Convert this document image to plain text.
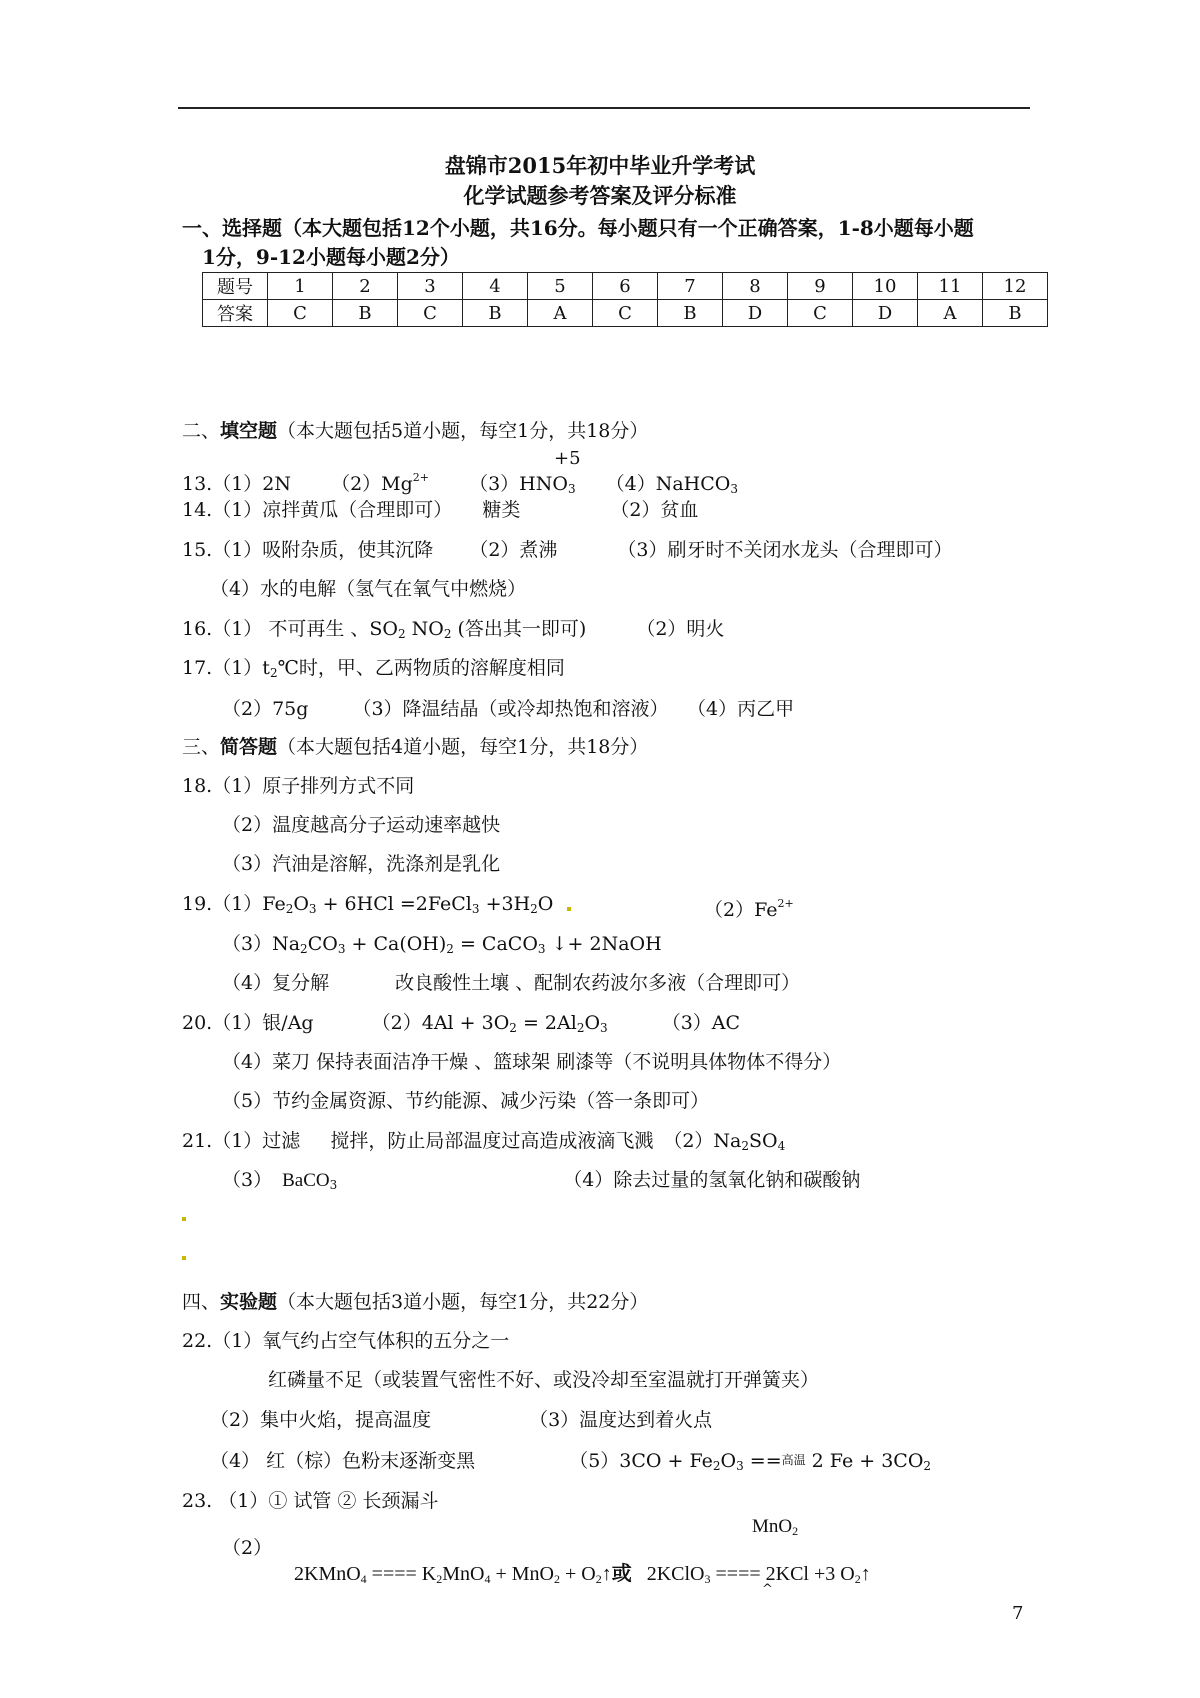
盘锦市2015年初中毕业升学考试
化学试题参考答案及评分标准
一、选择题（本大题包括12个小题，共16分。每小题只有一个正确答案，1-8小题每小题
1分，9-12小题每小题2分）
题号	1	2	3	4	5	6	7	8	9	10	11	12
答案	C	B	C	B	A	C	B	D	C	D	A	B
二、填空题（本大题包括5道小题，每空1分，共18分）
+5
13.（1）2N $(2)Mg^{2+}$ $(3)HNO_3$ （4）NaHCO$_3$
14.（1）凉拌黄瓜（合理即可） 糖类	（2）贫血
15.（1）吸附杂质，使其沉降 （2）煮沸	（3）刷牙时不关闭水龙头（合理即可）
（4）水的电解（氢气在氧气中燃烧）
16.（1） 不可再生 、$SO_2$ $NO_2$ (答出其一即可)	（2）明火
$17.(1)t_2℃$时，甲、乙两物质的溶解度相同
（2）75g （3）降温结晶（或冷却热饱和溶液） （4）丙乙甲
三、简答题（本大题包括4道小题，每空1分，共18分）
18.（1）原子排列方式不同
（2）温度越高分子运动速率越快
（3）汽油是溶解，洗涤剂是乳化
$19.(1)Fe_2O_3 + 6HCl$ =2FeCl$_3$ $+3H_2O$	$(2)Fe^{2+}$
$(3)Na_2CO_3 + Ca(OH)_2$ = CaCO$_3$ ↓+ 2NaOH
（4）复分解	改良酸性土壤 、配制农药波尔多液（合理即可）
20.（1）银/Ag	$(2)4Al + 3O_2 = 2Al_2O_3$	（3）AC
（4）菜刀 保持表面洁净干燥 、篮球架 刷漆等（不说明具体物体不得分）
（5）节约金属资源、节约能源、减少污染（答一条即可）
21.（1）过滤 搅拌，防止局部温度过高造成液滴飞溅 $(2)Na_2SO_4$
（3） BaCO$_3$	（4）除去过量的氢氧化钠和碳酸钠
四、实验题（本大题包括3道小题，每空1分，共22分）
22.（1）氧气约占空气体积的五分之一
红磷量不足（或装置气密性不好、或没冷却至室温就打开弹簧夹）
（2）集中火焰，提高温度	（3）温度达到着火点
（4） 红（棕）色粉末逐渐变黑	$(5)3CO + Fe_2O_3$ ==高温 2 $Fe + 3CO_2$
23. （1）① 试管 ② 长颈漏斗
MnO$_2$
（2）
2KMnO$_4$ ==== $K_2MnO_4 + MnO_2$ + $O_2↑$或 2KClO$_3$ ==== 2KCl +3 $O_2↑$
^
7
